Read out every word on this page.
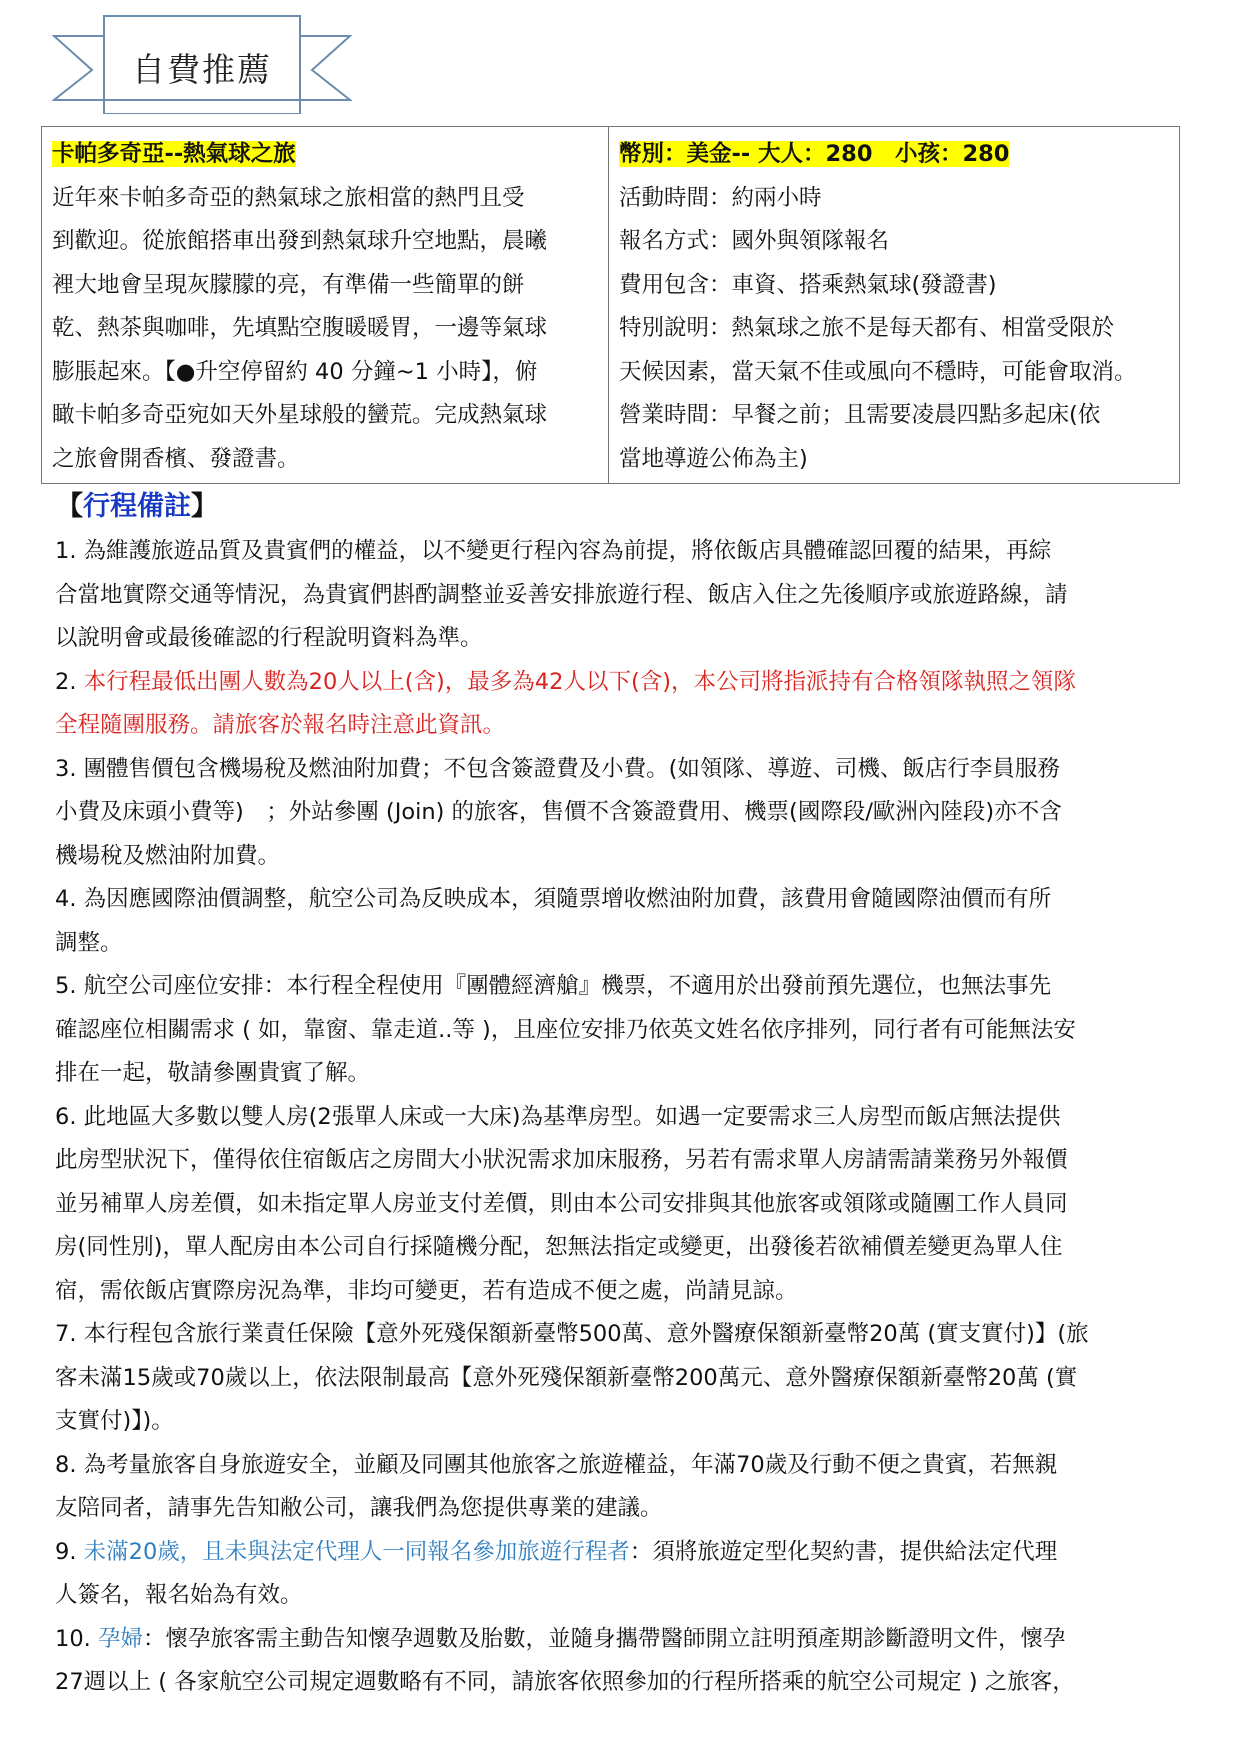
自費推薦
卡帕多奇亞--熱氣球之旅
近年來卡帕多奇亞的熱氣球之旅相當的熱門且受
到歡迎。從旅館搭車出發到熱氣球升空地點，晨曦
裡大地會呈現灰朦朦的亮，有準備一些簡單的餅
乾、熱茶與咖啡，先填點空腹暖暖胃，一邊等氣球
膨脹起來。【●升空停留約 40 分鐘~1 小時】，俯
瞰卡帕多奇亞宛如天外星球般的蠻荒。完成熱氣球
之旅會開香檳、發證書。

幣別：美金-- 大人：280　小孩：280
活動時間：約兩小時
報名方式：國外與領隊報名
費用包含：車資、搭乘熱氣球(發證書)
特別說明：熱氣球之旅不是每天都有、相當受限於
天候因素，當天氣不佳或風向不穩時，可能會取消。
營業時間：早餐之前；且需要凌晨四點多起床(依
當地導遊公佈為主)
【行程備註】
1. 為維護旅遊品質及貴賓們的權益，以不變更行程內容為前提，將依飯店具體確認回覆的結果，再綜
合當地實際交通等情況，為貴賓們斟酌調整並妥善安排旅遊行程、飯店入住之先後順序或旅遊路線，請
以說明會或最後確認的行程說明資料為準。
2. 本行程最低出團人數為20人以上(含)，最多為42人以下(含)，本公司將指派持有合格領隊執照之領隊
全程隨團服務。請旅客於報名時注意此資訊。
3. 團體售價包含機場稅及燃油附加費；不包含簽證費及小費。(如領隊、導遊、司機、飯店行李員服務
小費及床頭小費等)　；外站參團 (Join) 的旅客，售價不含簽證費用、機票(國際段/歐洲內陸段)亦不含
機場稅及燃油附加費。
4. 為因應國際油價調整，航空公司為反映成本，須隨票增收燃油附加費，該費用會隨國際油價而有所
調整。
5. 航空公司座位安排：本行程全程使用『團體經濟艙』機票，不適用於出發前預先選位，也無法事先
確認座位相關需求 ( 如，靠窗、靠走道..等 )，且座位安排乃依英文姓名依序排列，同行者有可能無法安
排在一起，敬請參團貴賓了解。
6. 此地區大多數以雙人房(2張單人床或一大床)為基準房型。如遇一定要需求三人房型而飯店無法提供
此房型狀況下，僅得依住宿飯店之房間大小狀況需求加床服務，另若有需求單人房請需請業務另外報價
並另補單人房差價，如未指定單人房並支付差價，則由本公司安排與其他旅客或領隊或隨團工作人員同
房(同性別)，單人配房由本公司自行採隨機分配，恕無法指定或變更，出發後若欲補價差變更為單人住
宿，需依飯店實際房況為準，非均可變更，若有造成不便之處，尚請見諒。
7. 本行程包含旅行業責任保險【意外死殘保額新臺幣500萬、意外醫療保額新臺幣20萬 (實支實付)】(旅
客未滿15歲或70歲以上，依法限制最高【意外死殘保額新臺幣200萬元、意外醫療保額新臺幣20萬 (實
支實付)】)。
8. 為考量旅客自身旅遊安全，並顧及同團其他旅客之旅遊權益，年滿70歲及行動不便之貴賓，若無親
友陪同者，請事先告知敝公司，讓我們為您提供專業的建議。
9. 未滿20歲，且未與法定代理人一同報名參加旅遊行程者：須將旅遊定型化契約書，提供給法定代理
人簽名，報名始為有效。
10. 孕婦：懷孕旅客需主動告知懷孕週數及胎數，並隨身攜帶醫師開立註明預產期診斷證明文件，懷孕
27週以上 ( 各家航空公司規定週數略有不同，請旅客依照參加的行程所搭乘的航空公司規定 ) 之旅客，
